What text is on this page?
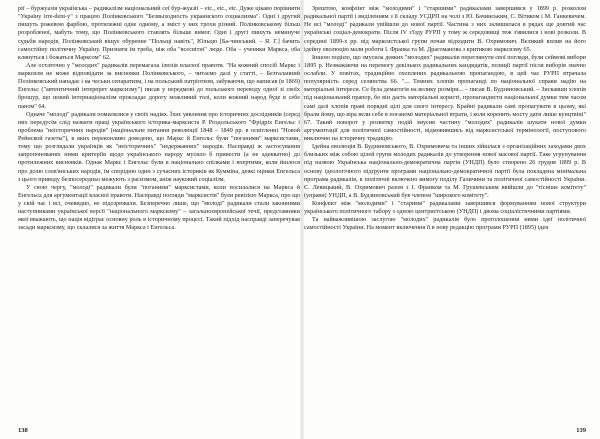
рії – буржуазія українська – радикалізм національний сеї бур-жуазії – etc., etc., etc. Дуже цікаво порівняти "Україну irre-dent-у" з працею Полінковського "Безвыходность украинского социализма". Одні і другий пишуть рожевою фарбою, протилежні одне одному, а зміст у них трохи різний. Полінковському більш розробленої, мабуть тому, що Полінковського ставлять більше вимог. Одні і другі пишуть неминуче судьби народів, Полінковський віщує обуренне "Польщі навіть", Юльцю [Ба-чинський. – Я. Г.] бачить самостійну політичну Україну. Признати їм треба, ніж оба "всесвітні" люде. Оба – ученики Маркса, оба клянуться і божаться Марксом" 62.

Але остаточно у "молодих" радикалів перемагала ілюзія власної правоти. "На кожний спосіб Маркс і марксизм не може відповідати за висновки Полінковського, – читаємо далі у статті, – Безталанний Полінковський нападає і на чеськи сепаратизм, і на польський патріотизм, забуваючи, що написав (в 1869) Енгельс ("автентичний інтерпрет марксизму") писав у передмові до польського переводу одної зі своїх брошур, що новий інтернаціоналізм прокладає дорогу можливий толі, коли кожний народ буде в себе паном" 64.

Одначе "молоді" радикали помилялися у своїх надіях. Їхнє уявлення про історичних дослідників (серед них передусім слід назвати праці українського історика-марксиста Р. Роздольського "Фрідріх Енгельс і проблема "неісторичних народів" (національне питання революції 1848 – 1849 рр. в освітленні "Новой Рейнской газеты"), в яких переконливо доведено, що Маркс й Енгельс були "поганими" марксистами, тому що розглядали українців як "неісторичних" "недержавних" народів. Насправді ж застосування запропонованих ними критеріїв щодо українського народу мусило б привести (а не адекватно) до протилежних висновків. Однак Маркс і Енгельс були в національно спілками і впертими, коли йшлося про долю слов'янських народів, їм спорідню один з сучасних істориків як Кумміна, деякі оцінки Енгельса з цього приводу безпосередньо межують з расизмом, аніж науковий соціалізм.

У свою чергу, "молоді" радикали були "поганими" марксистами, коли посилалися на Маркса й Енгельса для аргументації власної правоти. Насправді погляди "марксистів" були ревізією Маркса, про що у свій час і всі, очевидно, не підозрювали. Безперечно лише, що "молоді" радикали стали законними наступниками української версії "національного марксизму" – загальноєвропейської течії, представники якої вважають, що нація відіграє основну роль в історичному процесі. Такий підхід насправді заперечував засади марксизму, що склалися за життя Маркса і Енгельса.

138

Зрештою, конфлікт між "молодими" і "старшими" радикалами завершився у 1899 р. розколом радикальної партії і виділенням з її складу УСДРП на чолі з Ю. Бачинським, С. Вітиком і М. Ганкевичем. Не всі "молоді" радикали увійшли до нової партії. Частина з них залишилася в рядах ще довгий час українські соціал-демократи. Після IV з'їзду РУРП у тому ж середовищі теж з'явилися і нові розколи. В середині 1899-х рр. від марксистської групи почав відходити В. Охримович. Великий вплив на його ідейну еволюцію мали роботи І. Франка та М. Драгоманова з критикою марксизму 65.

Іншою подією, що змусила деяких "молодих" радикалів переглянути свої погляди, були сеймові вибори 1895 р. Незважаючи на перемогу декількох радикальних кандидатів, позиції партії після виборів значно ослабли. У повітах, традиційно охоплених радикальною пропагандою, в цей час РУРП втрачала популярність серед селянства 66. "... Темних хлопів пропаганді по національної справи надію на матеріальні інтереси. Се була демагогія на велику розміри... – писав В. Будзиновський. – Зискавши хлопів під національний прапор, бо він дасть матеріальні користі, пропагандисти національної думки тим часом самі далі хлопів праві порядні цілі для свого інтересу. Крайні радикали самі пропагувати в цьому, які брали йому, що віра вели себе в поганомі матеріальної втрати, і коли коренить мосту дати лише кунцтвіні" 67. Такий поворот у розвитку подій змусив частину "молодих" радикалів шукати нової думки аргументації для політичної самостійності, відмовившись від марксистської термінології, поступового виключно на історичну традицію.

Ідейна еволюція В. Будзиновського, В. Охримовича та інших зійшлася з організаційних заходами двох близьких між собою цілей групи молодих радикалів до утворення нової масової партії. Таке угрупування під назвою Українська національно-демократична партія (УНДП) було створено 26 грудня 1899 р. В основу ідеологічного підґрунтя програми національно-демократичної партії була покладена мінімальна програма радикалів, в політичні включено вимогу поділу Галичини та політичної самостійності України. Є. Левицький, В. Охримович разом з І. Франком та М. Грушевським ввійшли до "тісніше комітету" (управи) УНДП, а В. Будзиновський був членом "широкого комітету".

Конфлікт між "молодими" і "старими" радикалами завершився формуванням нової структури українського політичного табору з одною центристською (УНДП) і двома соціалістичними партіями.

Та найважливішою заслугою "молодих" радикалів було проголошення ними ідеї політичної самостійності України. На момент включення її в нову редакцію програми РУРП (1895) ідея

139
